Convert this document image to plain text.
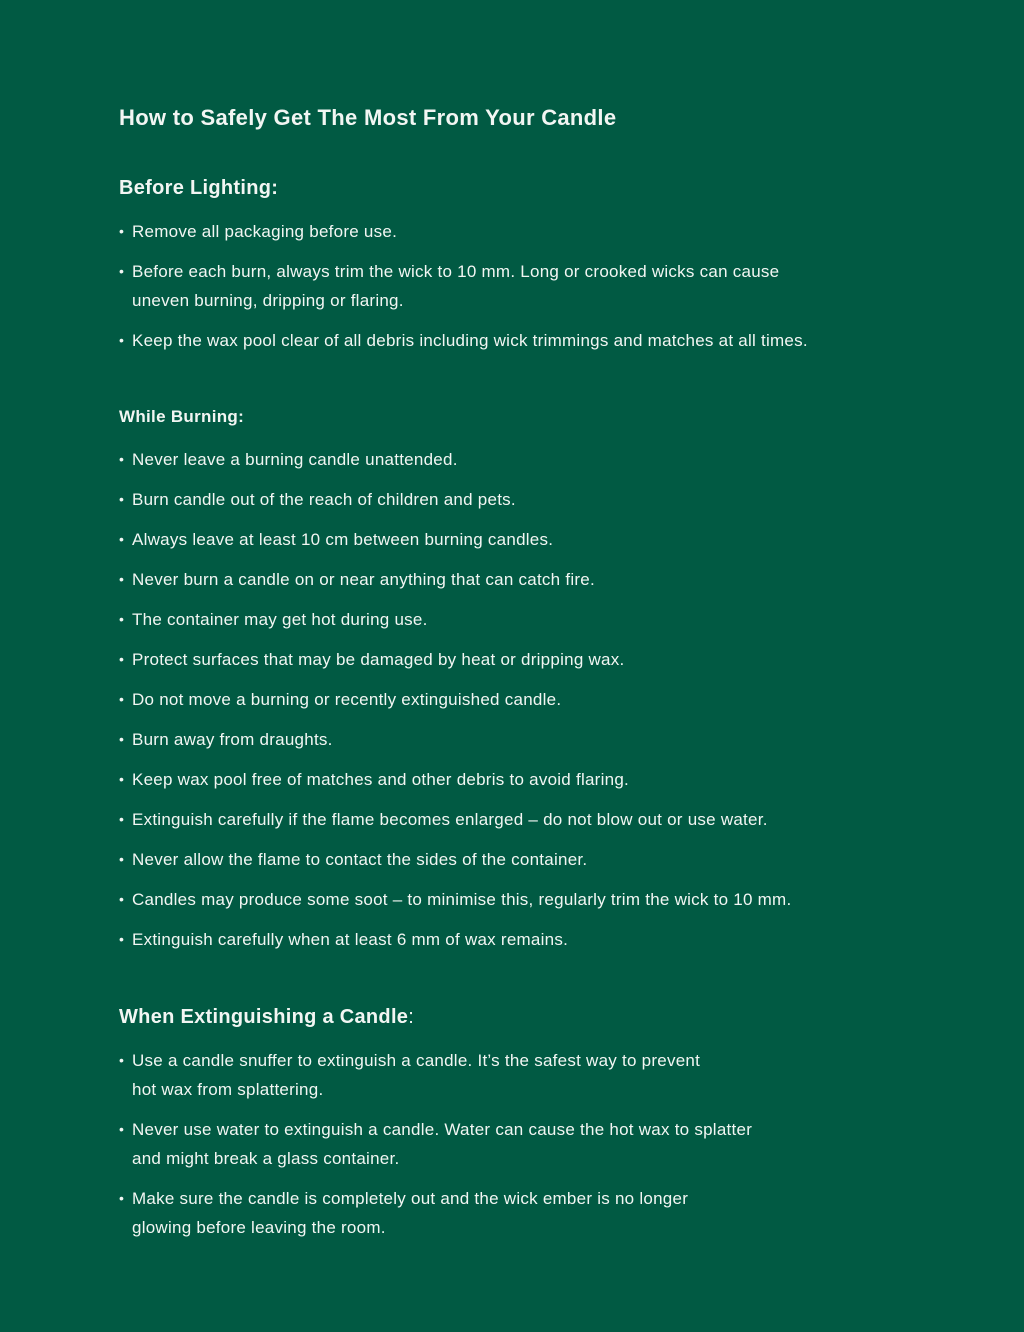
How to Safely Get The Most From Your Candle
Before Lighting:
• Remove all packaging before use.
• Before each burn, always trim the wick to 10 mm. Long or crooked wicks can cause
uneven burning, dripping or flaring.
• Keep the wax pool clear of all debris including wick trimmings and matches at all times.
While Burning:
• Never leave a burning candle unattended.
• Burn candle out of the reach of children and pets.
• Always leave at least 10 cm between burning candles.
• Never burn a candle on or near anything that can catch fire.
• The container may get hot during use.
• Protect surfaces that may be damaged by heat or dripping wax.
• Do not move a burning or recently extinguished candle.
• Burn away from draughts.
• Keep wax pool free of matches and other debris to avoid flaring.
• Extinguish carefully if the flame becomes enlarged – do not blow out or use water.
• Never allow the flame to contact the sides of the container.
• Candles may produce some soot – to minimise this, regularly trim the wick to 10 mm.
• Extinguish carefully when at least 6 mm of wax remains.
When Extinguishing a Candle:
• Use a candle snuffer to extinguish a candle. It’s the safest way to prevent
hot wax from splattering.
• Never use water to extinguish a candle. Water can cause the hot wax to splatter
and might break a glass container.
• Make sure the candle is completely out and the wick ember is no longer
glowing before leaving the room.
